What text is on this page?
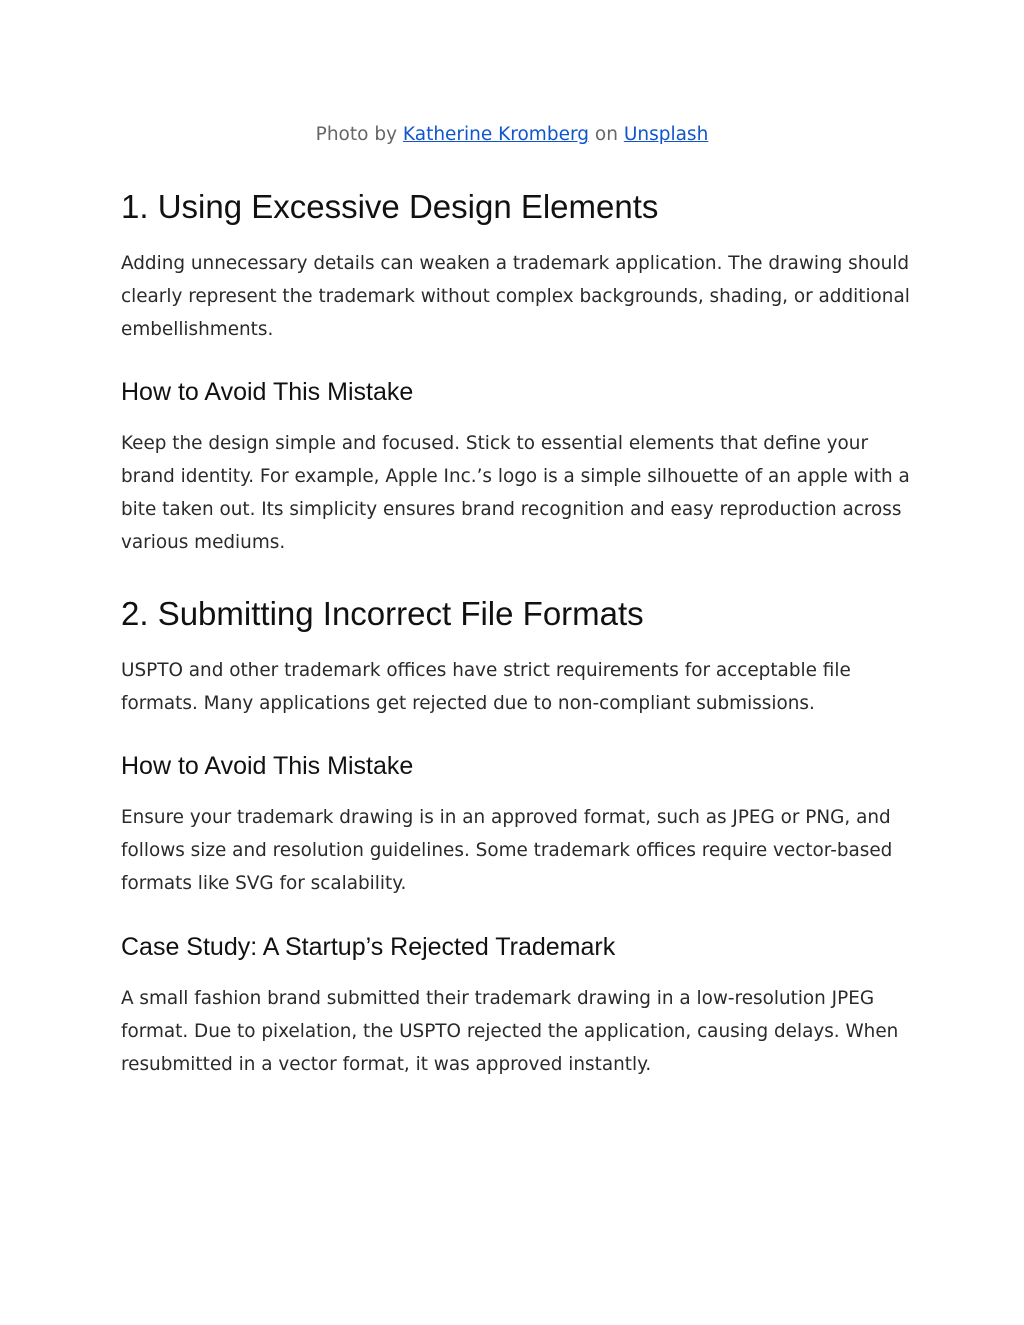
Photo by Katherine Kromberg on Unsplash
1. Using Excessive Design Elements

Adding unnecessary details can weaken a trademark application. The drawing should clearly represent the trademark without complex backgrounds, shading, or additional embellishments.

How to Avoid This Mistake

Keep the design simple and focused. Stick to essential elements that define your brand identity. For example, Apple Inc.’s logo is a simple silhouette of an apple with a bite taken out. Its simplicity ensures brand recognition and easy reproduction across various mediums.

2. Submitting Incorrect File Formats

USPTO and other trademark offices have strict requirements for acceptable file formats. Many applications get rejected due to non-compliant submissions.

How to Avoid This Mistake

Ensure your trademark drawing is in an approved format, such as JPEG or PNG, and follows size and resolution guidelines. Some trademark offices require vector-based formats like SVG for scalability.

Case Study: A Startup’s Rejected Trademark

A small fashion brand submitted their trademark drawing in a low-resolution JPEG format. Due to pixelation, the USPTO rejected the application, causing delays. When resubmitted in a vector format, it was approved instantly.
